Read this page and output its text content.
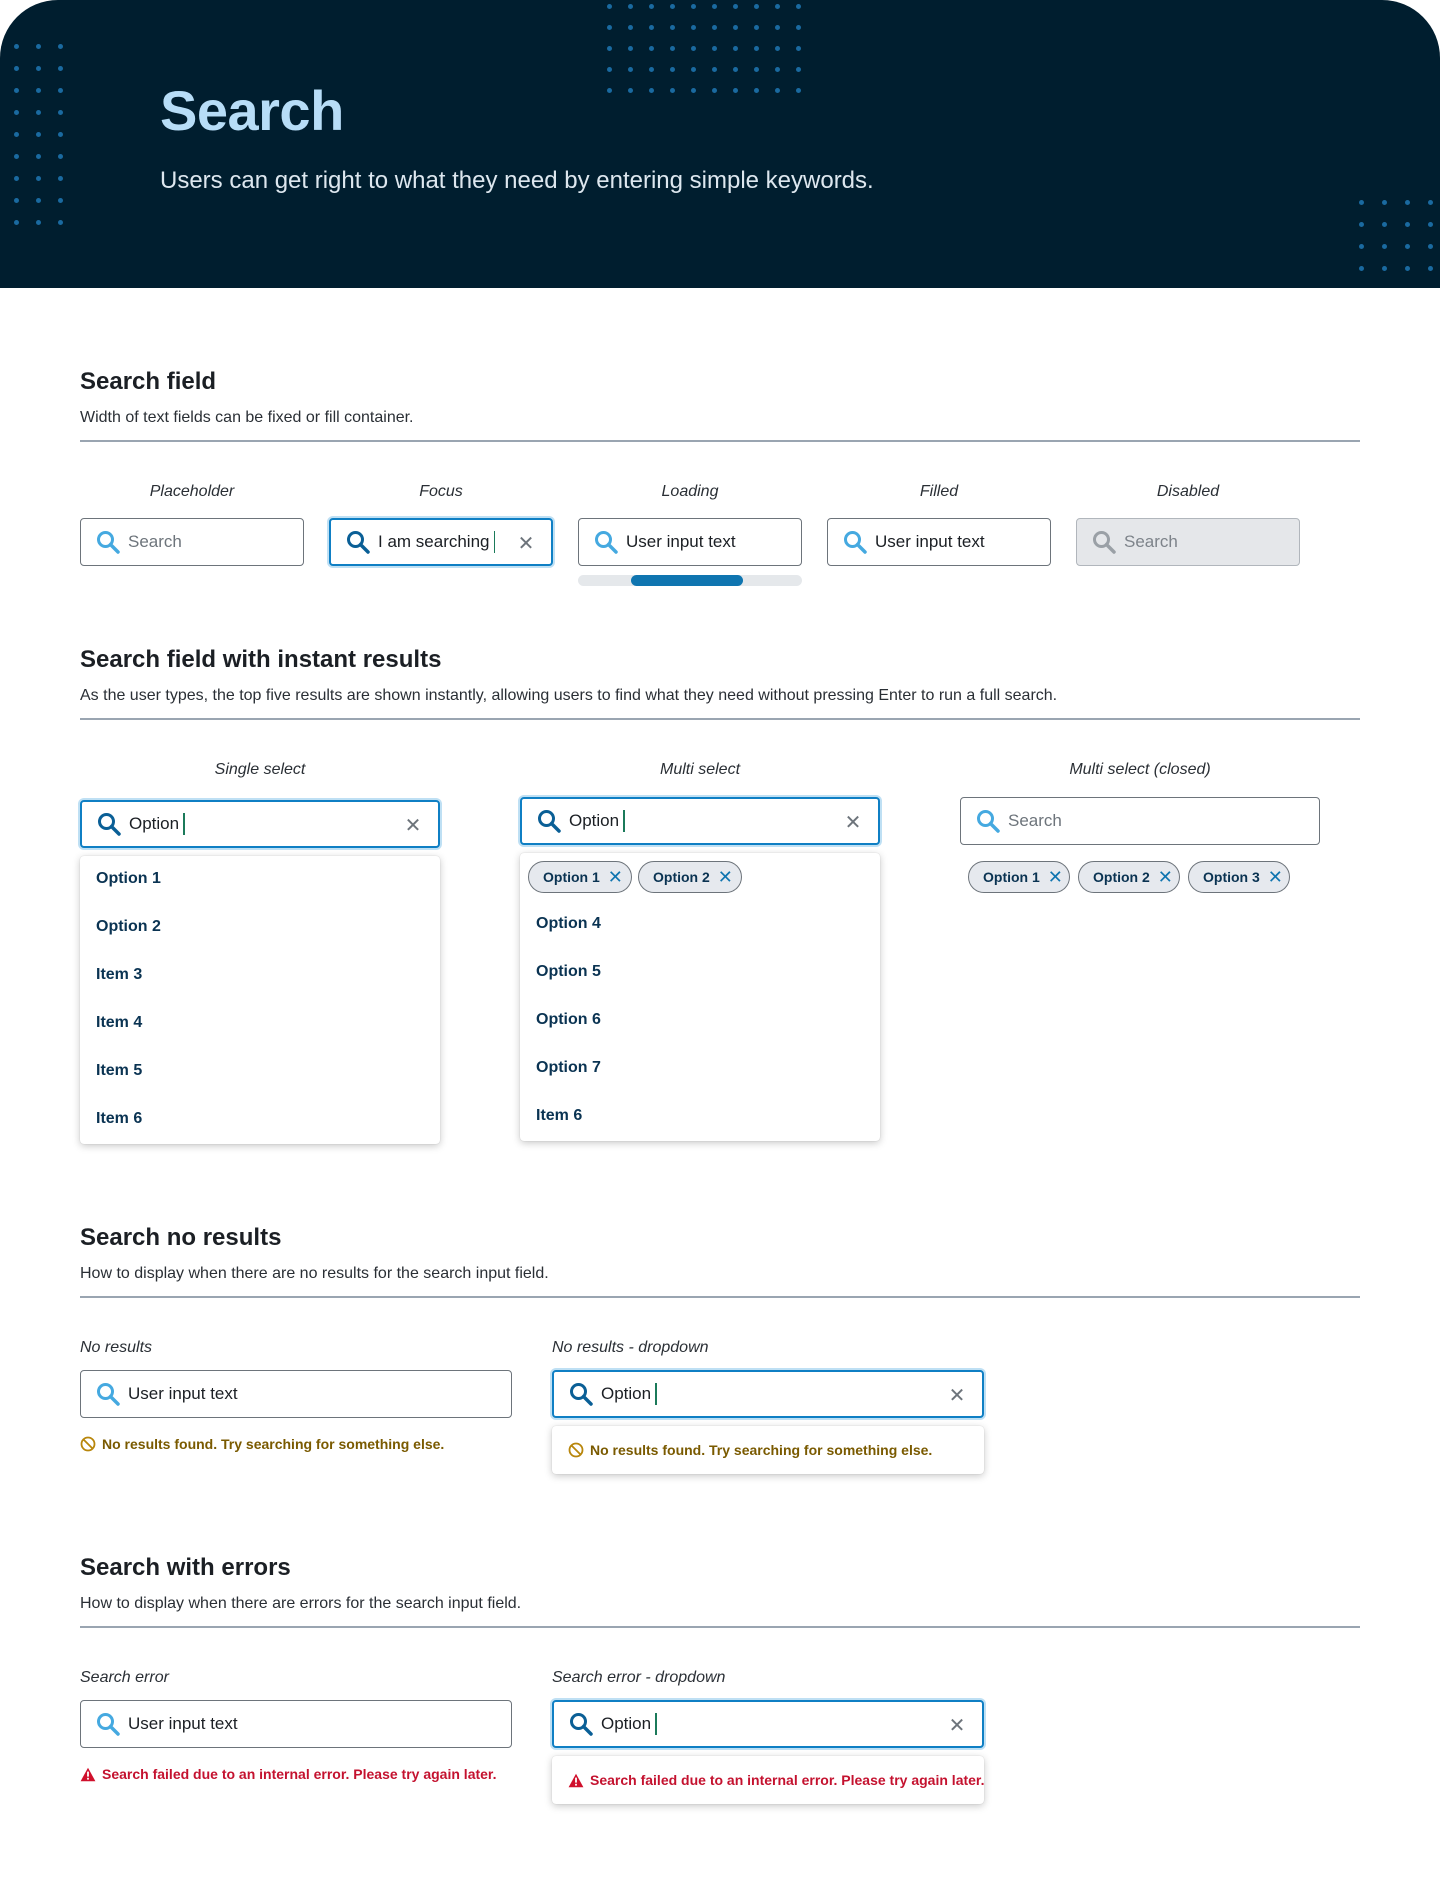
Search
Users can get right to what they need by entering simple keywords.
Search field
Width of text fields can be fixed or fill container.
Placeholder
Search
Focus
I am searching ✕
Loading
User input text
Filled
User input text
Disabled
Search
Search field with instant results
As the user types, the top five results are shown instantly, allowing users to find what they need without pressing Enter to run a full search.
Single select
Option	✕
Option 1
Option 2
Item 3
Item 4
Item 5
Item 6
Multi select
Option	✕
Option 1 ✕ Option 2 ✕
Option 4
Option 5
Option 6
Option 7
Item 6
Multi select (closed)
Search
Option 1 ✕ Option 2 ✕ Option 3 ✕
Search no results
How to display when there are no results for the search input field.
No results
User input text
No results found. Try searching for something else.
No results - dropdown
Option	✕
No results found. Try searching for something else.
Search with errors
How to display when there are errors for the search input field.
Search error
User input text
Search failed due to an internal error. Please try again later.
Search error - dropdown
Option	✕
Search failed due to an internal error. Please try again later.
